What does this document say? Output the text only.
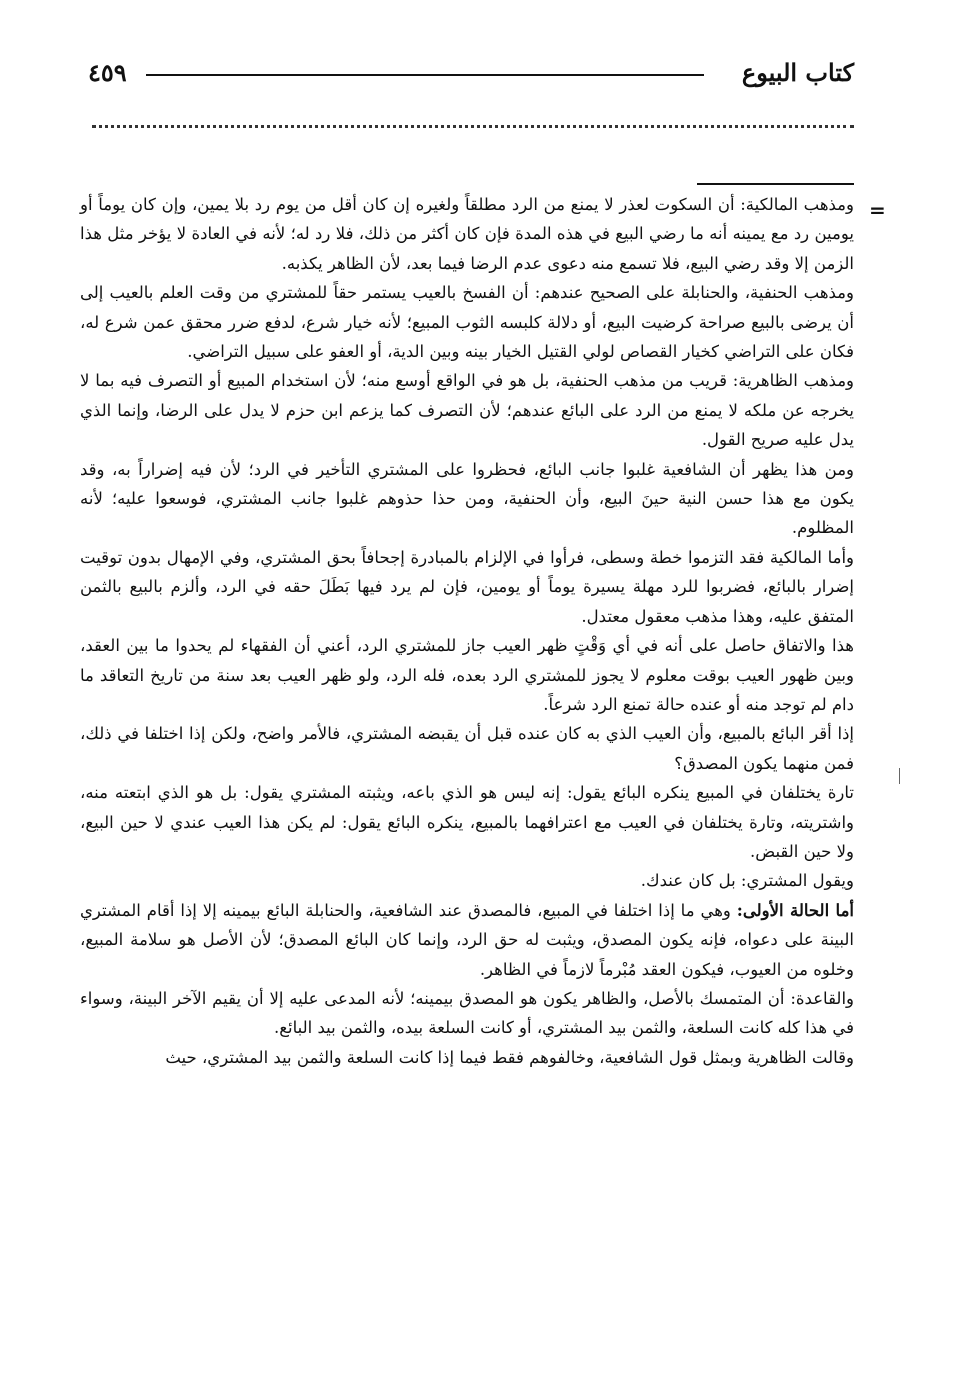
كتاب البيوع
٤٥٩
=

ومذهب المالكية: أن السكوت لعذر لا يمنع من الرد مطلقاً ولغيره إن كان أقل من يوم رد بلا يمين، وإن كان يوماً أو يومين رد مع يمينه أنه ما رضي البيع في هذه المدة فإن كان أكثر من ذلك، فلا رد له؛ لأنه في العادة لا يؤخر مثل هذا الزمن إلا وقد رضي البيع، فلا تسمع منه دعوى عدم الرضا فيما بعد، لأن الظاهر يكذبه.

ومذهب الحنفية، والحنابلة على الصحيح عندهم: أن الفسخ بالعيب يستمر حقاً للمشتري من وقت العلم بالعيب إلى أن يرضى بالبيع صراحة كرضيت البيع، أو دلالة كلبسه الثوب المبيع؛ لأنه خيار شرع، لدفع ضرر محقق عمن شرع له، فكان على التراضي كخيار القصاص لولي القتيل الخيار بينه وبين الدية، أو العفو على سبيل التراضي.

ومذهب الظاهرية: قريب من مذهب الحنفية، بل هو في الواقع أوسع منه؛ لأن استخدام المبيع أو التصرف فيه بما لا يخرجه عن ملكه لا يمنع من الرد على البائع عندهم؛ لأن التصرف كما يزعم ابن حزم لا يدل على الرضا، وإنما الذي يدل عليه صريح القول.

ومن هذا يظهر أن الشافعية غلبوا جانب البائع، فحظروا على المشتري التأخير في الرد؛ لأن فيه إضراراً به، وقد يكون مع هذا حسن النية حينَ البيع، وأن الحنفية، ومن حذا حذوهم غلبوا جانب المشتري، فوسعوا عليه؛ لأنه المظلوم.

وأما المالكية فقد التزموا خطة وسطى، فرأوا في الإلزام بالمبادرة إجحافاً بحق المشتري، وفي الإمهال بدون توقيت إضرار بالبائع، فضربوا للرد مهلة يسيرة يوماً أو يومين، فإن لم يرد فيها بَطَلَ حقه في الرد، وألزم بالبيع بالثمن المتفق عليه، وهذا مذهب معقول معتدل.

هذا والاتفاق حاصل على أنه في أي وَقْتٍ ظهر العيب جاز للمشتري الرد، أعني أن الفقهاء لم يحدوا ما بين العقد، وبين ظهور العيب بوقت معلوم لا يجوز للمشتري الرد بعده، فله الرد، ولو ظهر العيب بعد سنة من تاريخ التعاقد ما دام لم توجد منه أو عنده حالة تمنع الرد شرعاً.

إذا أقر البائع بالمبيع، وأن العيب الذي به كان عنده قبل أن يقبضه المشتري، فالأمر واضح، ولكن إذا اختلفا في ذلك، فمن منهما يكون المصدق؟

تارة يختلفان في المبيع ينكره البائع يقول: إنه ليس هو الذي باعه، ويثبته المشتري يقول: بل هو الذي ابتعته منه، واشتريته، وتارة يختلفان في العيب مع اعترافهما بالمبيع، ينكره البائع يقول: لم يكن هذا العيب عندي لا حين البيع، ولا حين القبض.

ويقول المشتري: بل كان عندك.

أما الحالة الأولى: وهي ما إذا اختلفا في المبيع، فالمصدق عند الشافعية، والحنابلة البائع بيمينه إلا إذا أقام المشتري البينة على دعواه، فإنه يكون المصدق، ويثبت له حق الرد، وإنما كان البائع المصدق؛ لأن الأصل هو سلامة المبيع، وخلوه من العيوب، فيكون العقد مُبْرماً لازماً في الظاهر.

والقاعدة: أن المتمسك بالأصل، والظاهر يكون هو المصدق بيمينه؛ لأنه المدعى عليه إلا أن يقيم الآخر البينة، وسواء في هذا كله كانت السلعة، والثمن بيد المشتري، أو كانت السلعة بيده، والثمن بيد البائع.

وقالت الظاهرية وبمثل قول الشافعية، وخالفوهم فقط فيما إذا كانت السلعة والثمن بيد المشتري، حيث
